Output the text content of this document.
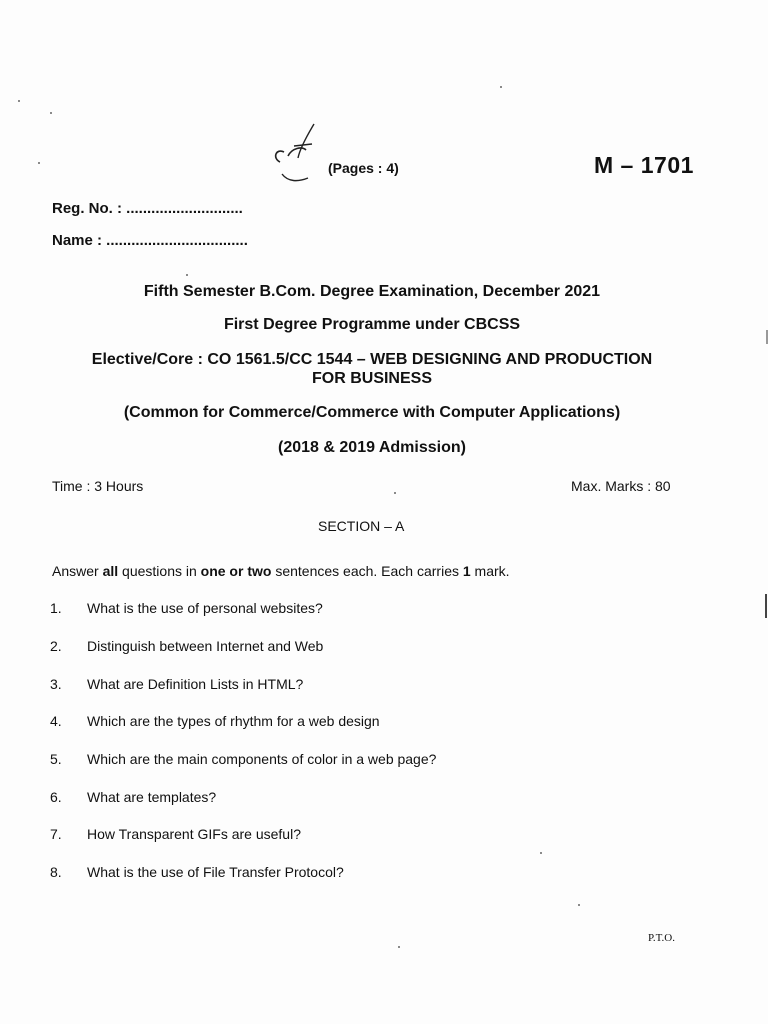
(Pages : 4)	M – 1701
Reg. No. : ............................
Name : ..................................
Fifth Semester B.Com. Degree Examination, December 2021
First Degree Programme under CBCSS
Elective/Core : CO 1561.5/CC 1544 – WEB DESIGNING AND PRODUCTION
FOR BUSINESS
(Common for Commerce/Commerce with Computer Applications)
(2018 & 2019 Admission)
Time : 3 Hours	Max. Marks : 80
SECTION – A
Answer all questions in one or two sentences each. Each carries 1 mark.
1. What is the use of personal websites?
2. Distinguish between Internet and Web
3. What are Definition Lists in HTML?
4. Which are the types of rhythm for a web design
5. Which are the main components of color in a web page?
6. What are templates?
7. How Transparent GIFs are useful?
8. What is the use of File Transfer Protocol?
P.T.O.
